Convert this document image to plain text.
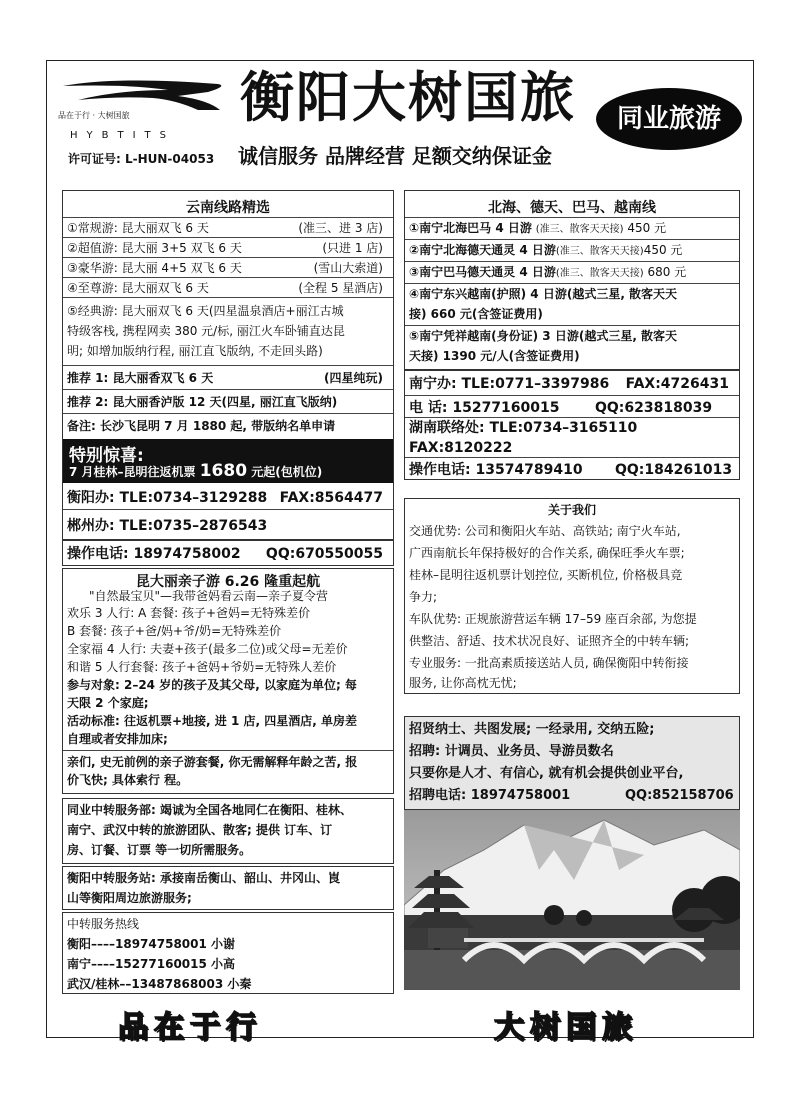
品在于行 · 大树国旅
HYBTITS
许可证号: L-HUN-04053
衡阳大树国旅
诚信服务 品牌经营 足额交纳保证金
同业旅游
云南线路精选
①常规游: 昆大丽双飞 6 天	(准三、进 3 店)
②超值游: 昆大丽 3+5 双飞 6 天	(只进 1 店)
③豪华游: 昆大丽 4+5 双飞 6 天	(雪山大索道)
④至尊游: 昆大丽双飞 6 天	(全程 5 星酒店)
⑤经典游: 昆大丽双飞 6 天(四星温泉酒店+丽江古城
特级客栈, 携程网卖 380 元/标, 丽江火车卧铺直达昆
明; 如增加版纳行程, 丽江直飞版纳, 不走回头路)
推荐 1: 昆大丽香双飞 6 天	(四星纯玩)
推荐 2: 昆大丽香泸版 12 天(四星, 丽江直飞版纳)
备注: 长沙飞昆明 7 月 1880 起, 带版纳名单申请
特别惊喜:
7 月桂林–昆明往返机票 1680 元起(包机位)
衡阳办: TLE:0734–3129288 FAX:8564477
郴州办: TLE:0735–2876543
操作电话: 18974758002 QQ:670550055
昆大丽亲子游 6.26 隆重起航
"自然最宝贝"—我带爸妈看云南—亲子夏令营
欢乐 3 人行: A 套餐: 孩子+爸妈=无特殊差价
B 套餐: 孩子+爸/妈+爷/奶=无特殊差价
全家福 4 人行: 夫妻+孩子(最多二位)或父母=无差价
和谐 5 人行套餐: 孩子+爸妈+爷奶=无特殊人差价
参与对象: 2–24 岁的孩子及其父母, 以家庭为单位; 每
天限 2 个家庭;
活动标准: 往返机票+地接, 进 1 店, 四星酒店, 单房差
自理或者安排加床;
亲们, 史无前例的亲子游套餐, 你无需解释年龄之苦, 报
价飞快; 具体索行 程。
同业中转服务部: 竭诚为全国各地同仁在衡阳、桂林、
南宁、武汉中转的旅游团队、散客; 提供 订车、订
房、订餐、订票 等一切所需服务。
衡阳中转服务站: 承接南岳衡山、韶山、井冈山、崀
山等衡阳周边旅游服务;
中转服务热线
衡阳––––18974758001 小谢
南宁––––15277160015 小高
武汉/桂林––13487868003 小秦
北海、德天、巴马、越南线
①南宁北海巴马 4 日游 (准三、散客天天接) 450 元
②南宁北海德天通灵 4 日游(准三、散客天天接)450 元
③南宁巴马德天通灵 4 日游(准三、散客天天接) 680 元
④南宁东兴越南(护照) 4 日游(越式三星, 散客天天
接) 660 元(含签证费用)
⑤南宁凭祥越南(身份证) 3 日游(越式三星, 散客天
天接) 1390 元/人(含签证费用)
南宁办: TLE:0771–3397986 FAX:4726431
电 话: 15277160015	QQ:623818039
湖南联络处: TLE:0734–3165110
FAX:8120222
操作电话: 13574789410 QQ:184261013
关于我们
交通优势: 公司和衡阳火车站、高铁站; 南宁火车站,
广西南航长年保持极好的合作关系, 确保旺季火车票;
桂林–昆明往返机票计划控位, 买断机位, 价格极具竞
争力;
车队优势: 正规旅游营运车辆 17–59 座百余部, 为您提
供整洁、舒适、技术状况良好、证照齐全的中转车辆;
专业服务: 一批高素质接送站人员, 确保衡阳中转衔接
服务, 让你高枕无忧;
招贤纳士、共图发展; 一经录用, 交纳五险;
招聘: 计调员、业务员、导游员数名
只要你是人才、有信心, 就有机会提供创业平台,
招聘电话: 18974758001	QQ:852158706
品在于行	大树国旅
